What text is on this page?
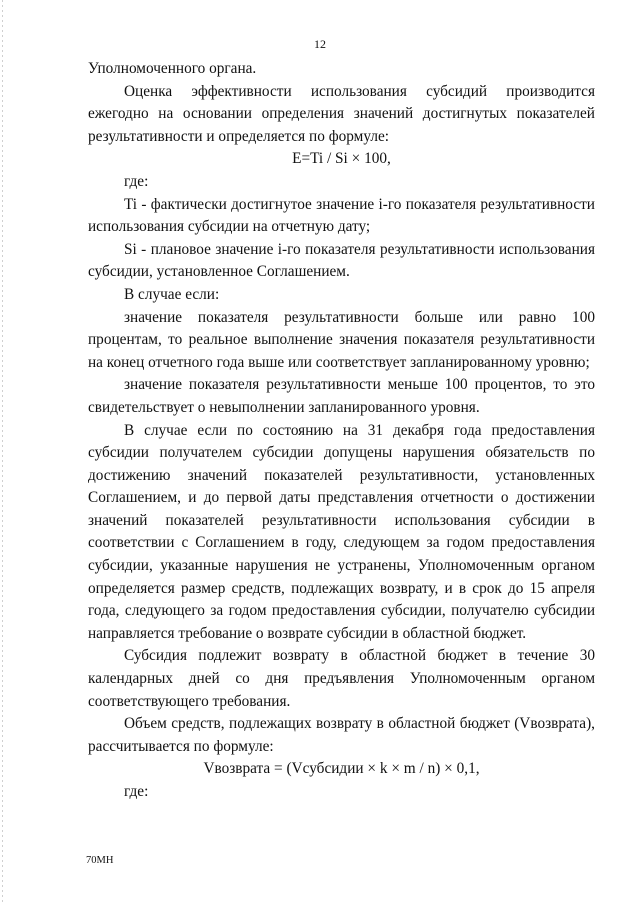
12

Уполномоченного органа.

Оценка эффективности использования субсидий производится ежегодно на основании определения значений достигнутых показателей результативности и определяется по формуле:

E=Ti / Si × 100,

где:

Ti - фактически достигнутое значение i-го показателя результативности использования субсидии на отчетную дату;

Si - плановое значение i-го показателя результативности использования субсидии, установленное Соглашением.

В случае если:

значение показателя результативности больше или равно 100 процентам, то реальное выполнение значения показателя результативности на конец отчетного года выше или соответствует запланированному уровню;

значение показателя результативности меньше 100 процентов, то это свидетельствует о невыполнении запланированного уровня.

В случае если по состоянию на 31 декабря года предоставления субсидии получателем субсидии допущены нарушения обязательств по достижению значений показателей результативности, установленных Соглашением, и до первой даты представления отчетности о достижении значений показателей результативности использования субсидии в соответствии с Соглашением в году, следующем за годом предоставления субсидии, указанные нарушения не устранены, Уполномоченным органом определяется размер средств, подлежащих возврату, и в срок до 15 апреля года, следующего за годом предоставления субсидии, получателю субсидии направляется требование о возврате субсидии в областной бюджет.

Субсидия подлежит возврату в областной бюджет в течение 30 календарных дней со дня предъявления Уполномоченным органом соответствующего требования.

Объем средств, подлежащих возврату в областной бюджет (Vвозврата), рассчитывается по формуле:

Vвозврата = (Vсубсидии × k × m / n) × 0,1,

где:

70МН
